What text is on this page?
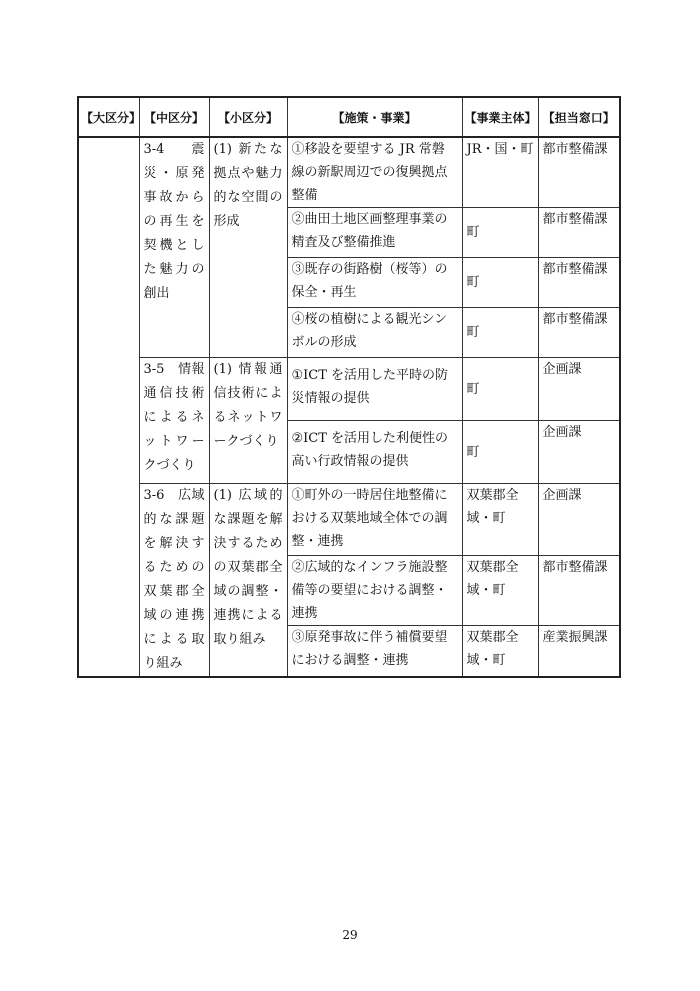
【大区分】	【中区分】	【小区分】	【施策・事業】	【事業主体】	【担当窓口】
	3-4　震災・原発事故からの再生を契機とした魅力の創出	(1) 新たな拠点や魅力的な空間の形成	①移設を要望する JR 常磐線の新駅周辺での復興拠点整備	JR・国・町	都市整備課
			②曲田土地区画整理事業の精査及び整備推進	町	都市整備課
			③既存の街路樹（桜等）の保全・再生	町	都市整備課
			④桜の植樹による観光シンボルの形成	町	都市整備課
	3-5　情報通信技術によるネットワークづくり	(1) 情報通信技術によるネットワークづくり	①ICT を活用した平時の防災情報の提供	町	企画課
			②ICT を活用した利便性の高い行政情報の提供	町	企画課
	3-6　広域的な課題を解決するための双葉郡全域の連携による取り組み	(1) 広域的な課題を解決するための双葉郡全域の調整・連携による取り組み	①町外の一時居住地整備における双葉地域全体での調整・連携	双葉郡全域・町	企画課
			②広域的なインフラ施設整備等の要望における調整・連携	双葉郡全域・町	都市整備課
			③原発事故に伴う補償要望における調整・連携	双葉郡全域・町	産業振興課
29
